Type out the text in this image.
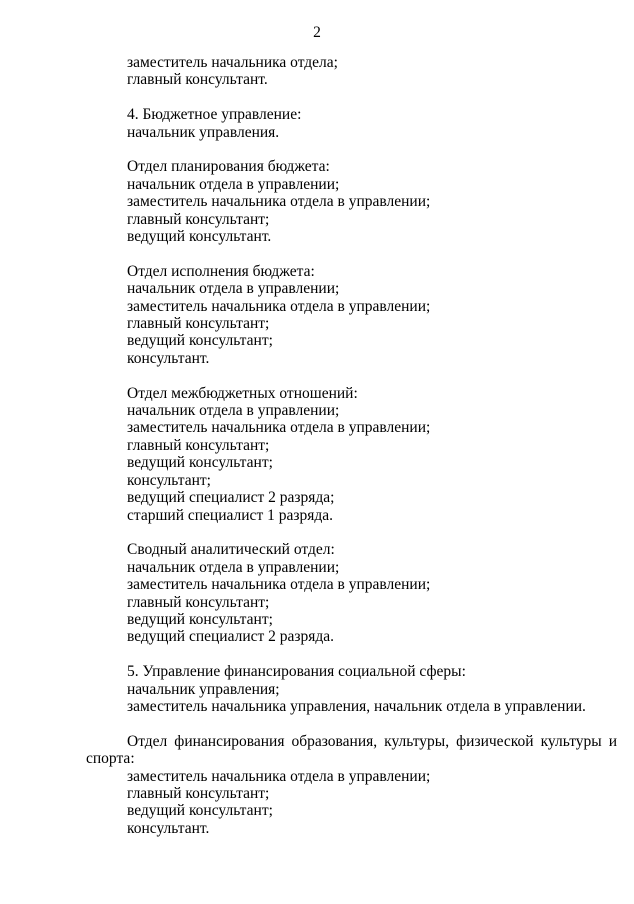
2
заместитель начальника отдела;
главный консультант.
4. Бюджетное управление:
начальник управления.
Отдел планирования бюджета:
начальник отдела в управлении;
заместитель начальника отдела в управлении;
главный консультант;
ведущий консультант.
Отдел исполнения бюджета:
начальник отдела в управлении;
заместитель начальника отдела в управлении;
главный консультант;
ведущий консультант;
консультант.
Отдел межбюджетных отношений:
начальник отдела в управлении;
заместитель начальника отдела в управлении;
главный консультант;
ведущий консультант;
консультант;
ведущий специалист 2 разряда;
старший специалист 1 разряда.
Сводный аналитический отдел:
начальник отдела в управлении;
заместитель начальника отдела в управлении;
главный консультант;
ведущий консультант;
ведущий специалист 2 разряда.
5. Управление финансирования социальной сферы:
начальник управления;
заместитель начальника управления, начальник отдела в управлении.
Отдел финансирования образования, культуры, физической культуры и спорта:
заместитель начальника отдела в управлении;
главный консультант;
ведущий консультант;
консультант.
